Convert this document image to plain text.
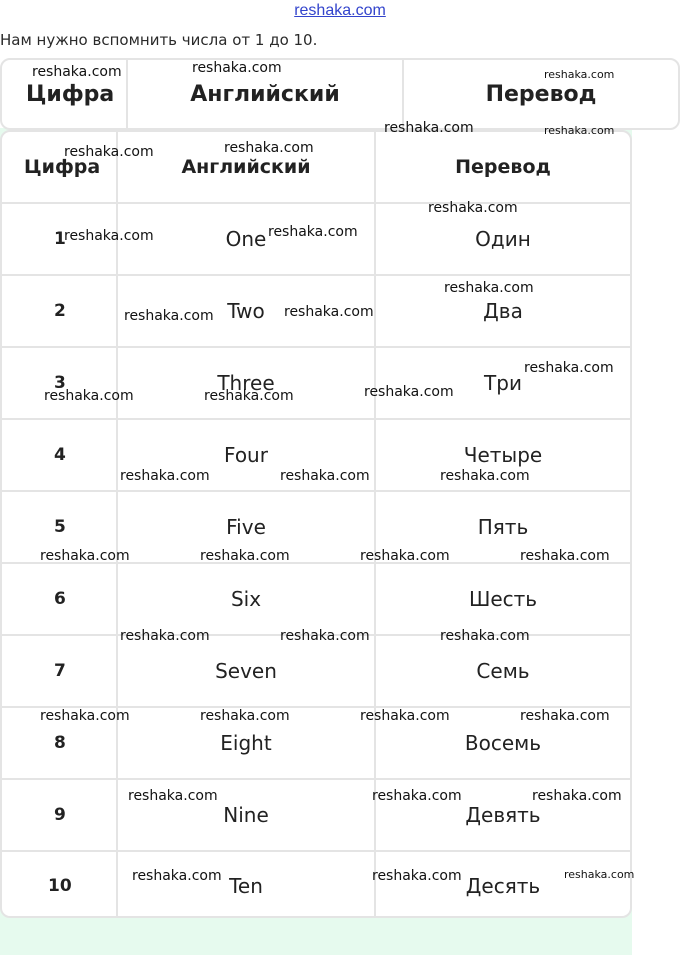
reshaka.com
Нам нужно вспомнить числа от 1 до 10.
Цифра	Английский	Перевод
Цифра	Английский	Перевод
1	One	Один
2	Two	Два
3	Three	Три
4	Four	Четыре
5	Five	Пять
6	Six	Шесть
7	Seven	Семь
8	Eight	Восемь
9	Nine	Девять
10	Ten	Десять
reshaka.com	reshaka.com	reshaka.com
reshaka.com	reshaka.com
reshaka.com	reshaka.com
reshaka.com
reshaka.com	reshaka.com
reshaka.com
reshaka.com	reshaka.com
reshaka.com
reshaka.com	reshaka.com	reshaka.com
reshaka.com	reshaka.com	reshaka.com
reshaka.com	reshaka.com	reshaka.com	reshaka.com
reshaka.com	reshaka.com	reshaka.com
reshaka.com	reshaka.com	reshaka.com	reshaka.com
reshaka.com	reshaka.com	reshaka.com
reshaka.com	reshaka.com	reshaka.com
